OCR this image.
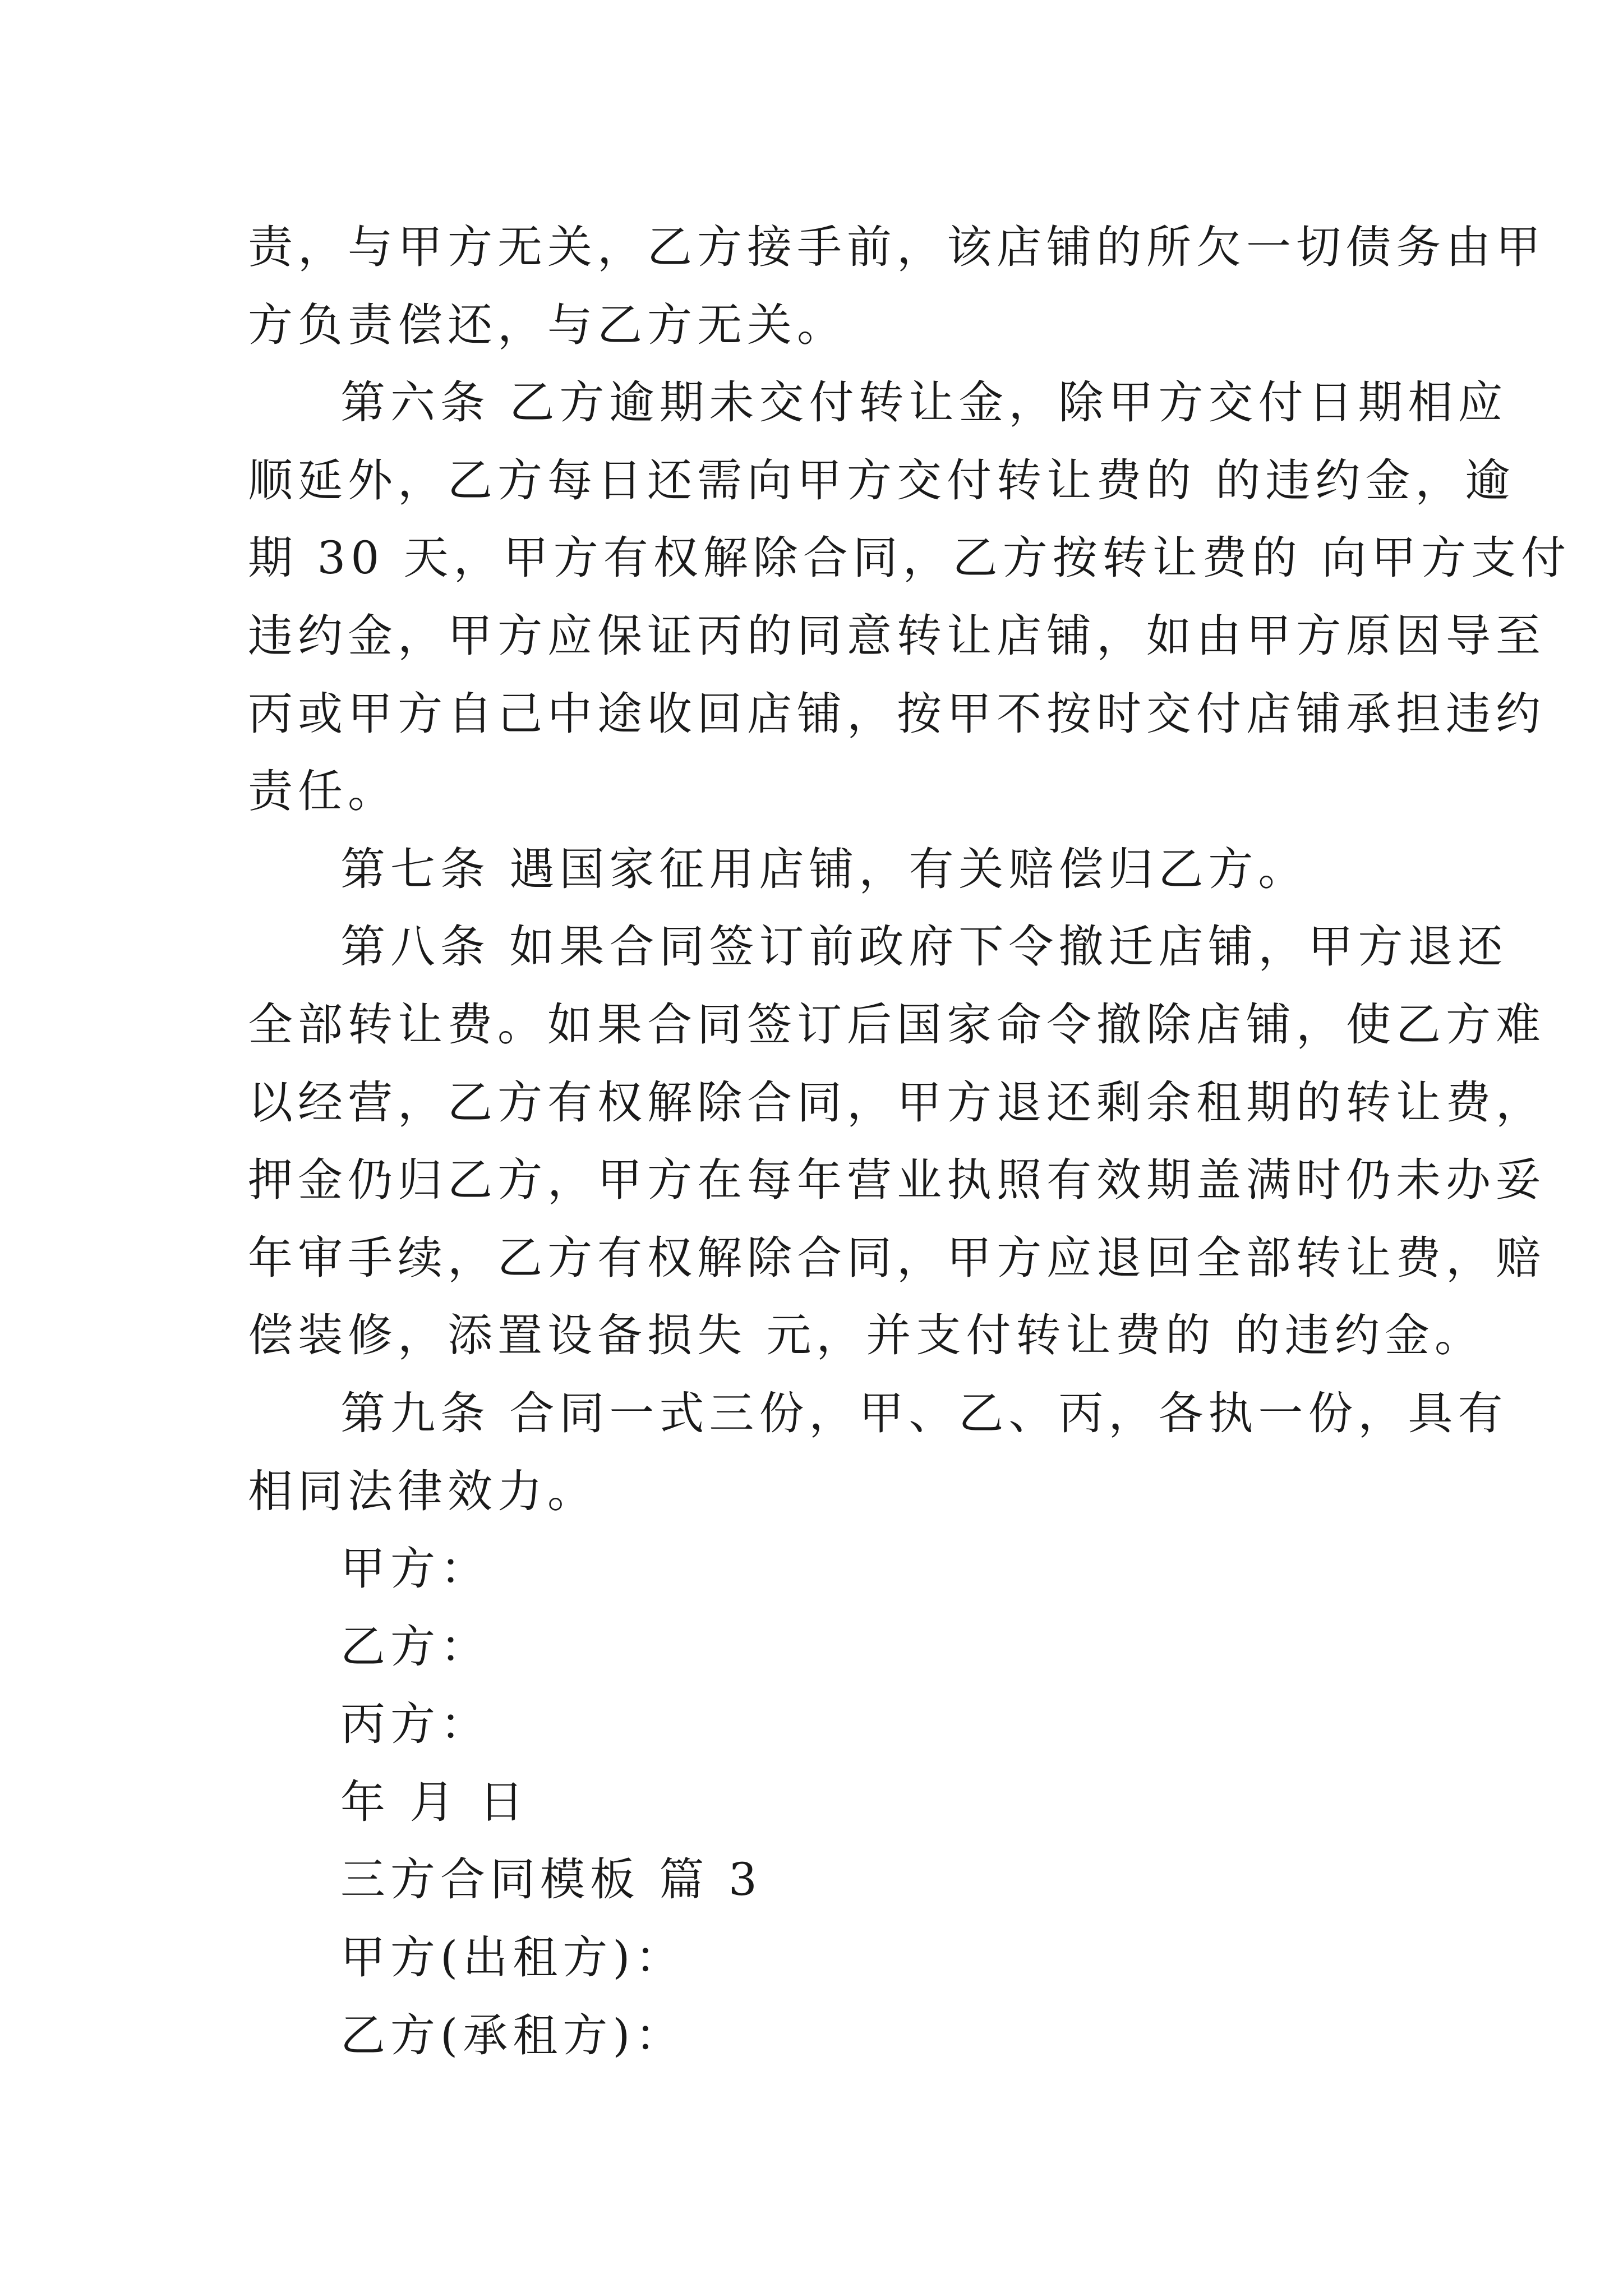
责，与甲方无关，乙方接手前，该店铺的所欠一切债务由甲
方负责偿还，与乙方无关。
第六条 乙方逾期未交付转让金，除甲方交付日期相应
顺延外，乙方每日还需向甲方交付转让费的 的违约金，逾
期 30 天，甲方有权解除合同，乙方按转让费的 向甲方支付
违约金，甲方应保证丙的同意转让店铺，如由甲方原因导至
丙或甲方自己中途收回店铺，按甲不按时交付店铺承担违约
责任。
第七条 遇国家征用店铺，有关赔偿归乙方。
第八条 如果合同签订前政府下令撤迁店铺，甲方退还
全部转让费。如果合同签订后国家命令撤除店铺，使乙方难
以经营，乙方有权解除合同，甲方退还剩余租期的转让费，
押金仍归乙方，甲方在每年营业执照有效期盖满时仍未办妥
年审手续，乙方有权解除合同，甲方应退回全部转让费，赔
偿装修，添置设备损失 元，并支付转让费的 的违约金。
第九条 合同一式三份，甲、乙、丙，各执一份，具有
相同法律效力。
甲方：
乙方：
丙方：
年 月 日
三方合同模板 篇 3
甲方(出租方)：
乙方(承租方)：
